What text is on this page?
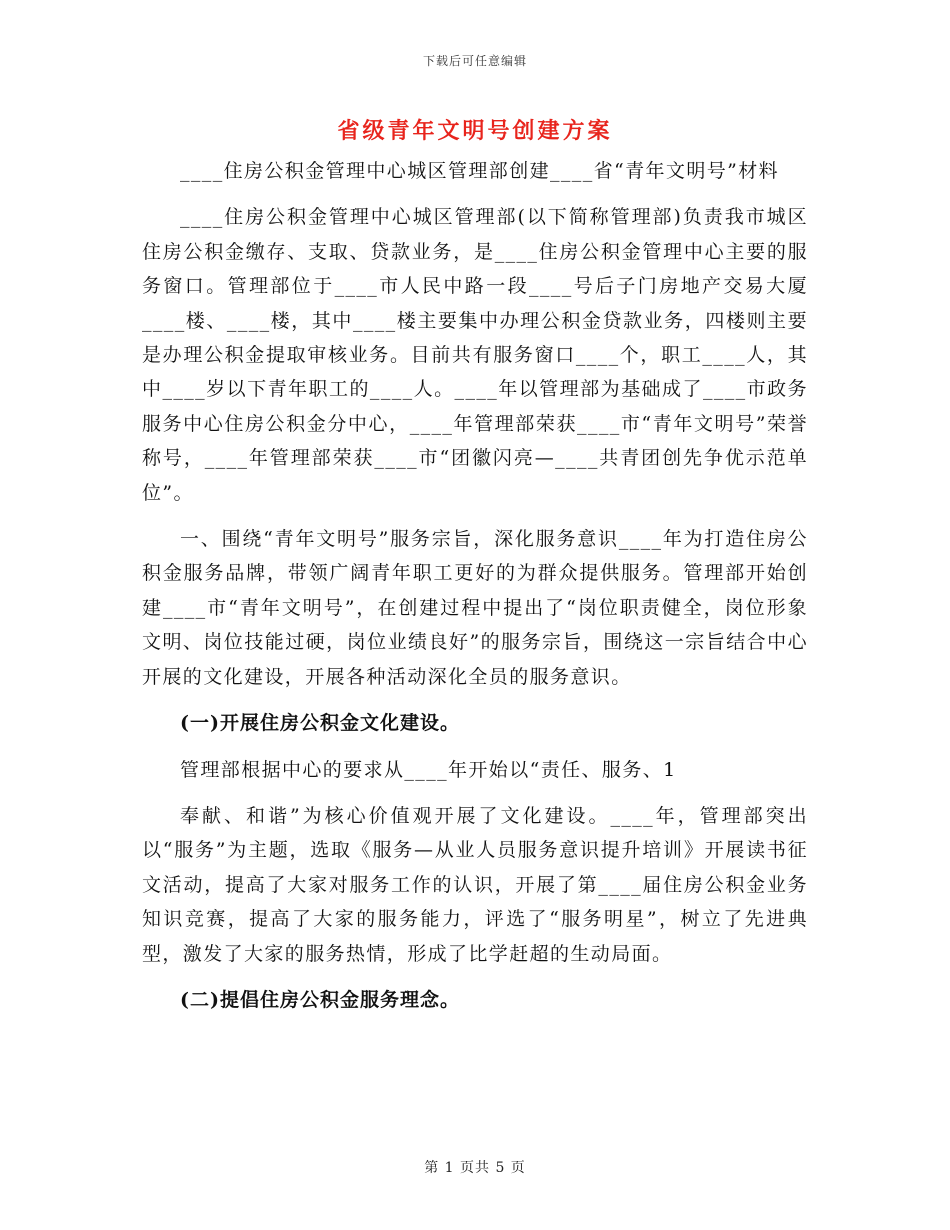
下载后可任意编辑
省级青年文明号创建方案

____住房公积金管理中心城区管理部创建____省“青年文明号”材料

____住房公积金管理中心城区管理部(以下简称管理部)负责我市城区住房公积金缴存、支取、贷款业务，是____住房公积金管理中心主要的服务窗口。管理部位于____市人民中路一段____号后子门房地产交易大厦____楼、____楼，其中____楼主要集中办理公积金贷款业务，四楼则主要是办理公积金提取审核业务。目前共有服务窗口____个，职工____人，其中____岁以下青年职工的____人。____年以管理部为基础成了____市政务服务中心住房公积金分中心，____年管理部荣获____市“青年文明号”荣誉称号，____年管理部荣获____市“团徽闪亮—____共青团创先争优示范单位”。

一、围绕“青年文明号”服务宗旨，深化服务意识____年为打造住房公积金服务品牌，带领广阔青年职工更好的为群众提供服务。管理部开始创建____市“青年文明号”，在创建过程中提出了“岗位职责健全，岗位形象文明、岗位技能过硬，岗位业绩良好”的服务宗旨，围绕这一宗旨结合中心开展的文化建设，开展各种活动深化全员的服务意识。

(一)开展住房公积金文化建设。

管理部根据中心的要求从____年开始以“责任、服务、1

奉献、和谐”为核心价值观开展了文化建设。____年，管理部突出以“服务”为主题，选取《服务—从业人员服务意识提升培训》开展读书征文活动，提高了大家对服务工作的认识，开展了第____届住房公积金业务知识竞赛，提高了大家的服务能力，评选了“服务明星”，树立了先进典型，激发了大家的服务热情，形成了比学赶超的生动局面。

(二)提倡住房公积金服务理念。

第 1 页共 5 页
